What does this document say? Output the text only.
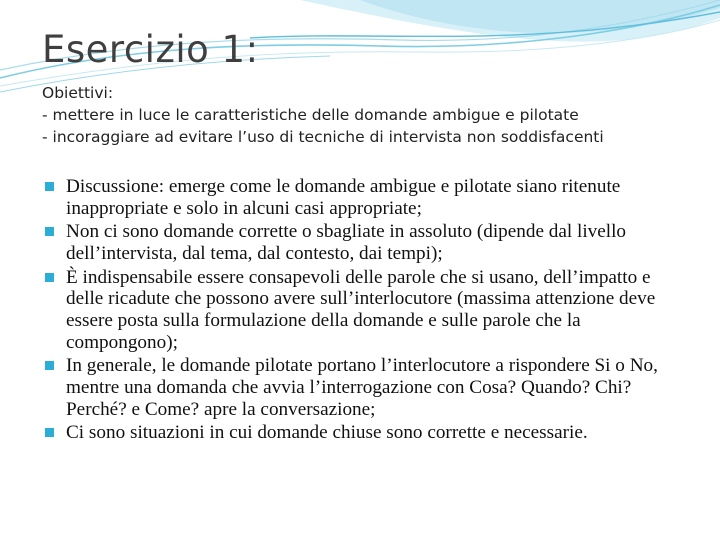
Esercizio 1:
Obiettivi:
- mettere in luce le caratteristiche delle domande ambigue e pilotate
- incoraggiare ad evitare l’uso di tecniche di intervista non soddisfacenti
Discussione: emerge come le domande ambigue e pilotate siano ritenute inappropriate e solo in alcuni casi appropriate;
Non ci sono domande corrette o sbagliate in assoluto (dipende dal livello dell’intervista, dal tema, dal contesto, dai tempi);
È indispensabile essere consapevoli delle parole che si usano, dell’impatto e delle ricadute che possono avere sull’interlocutore (massima attenzione deve essere posta sulla formulazione della domande e sulle parole che la compongono);
In generale, le domande pilotate portano l’interlocutore a rispondere Si o No, mentre una domanda che avvia l’interrogazione con Cosa? Quando? Chi? Perché? e Come? apre la conversazione;
Ci sono situazioni in cui domande chiuse sono corrette e necessarie.
